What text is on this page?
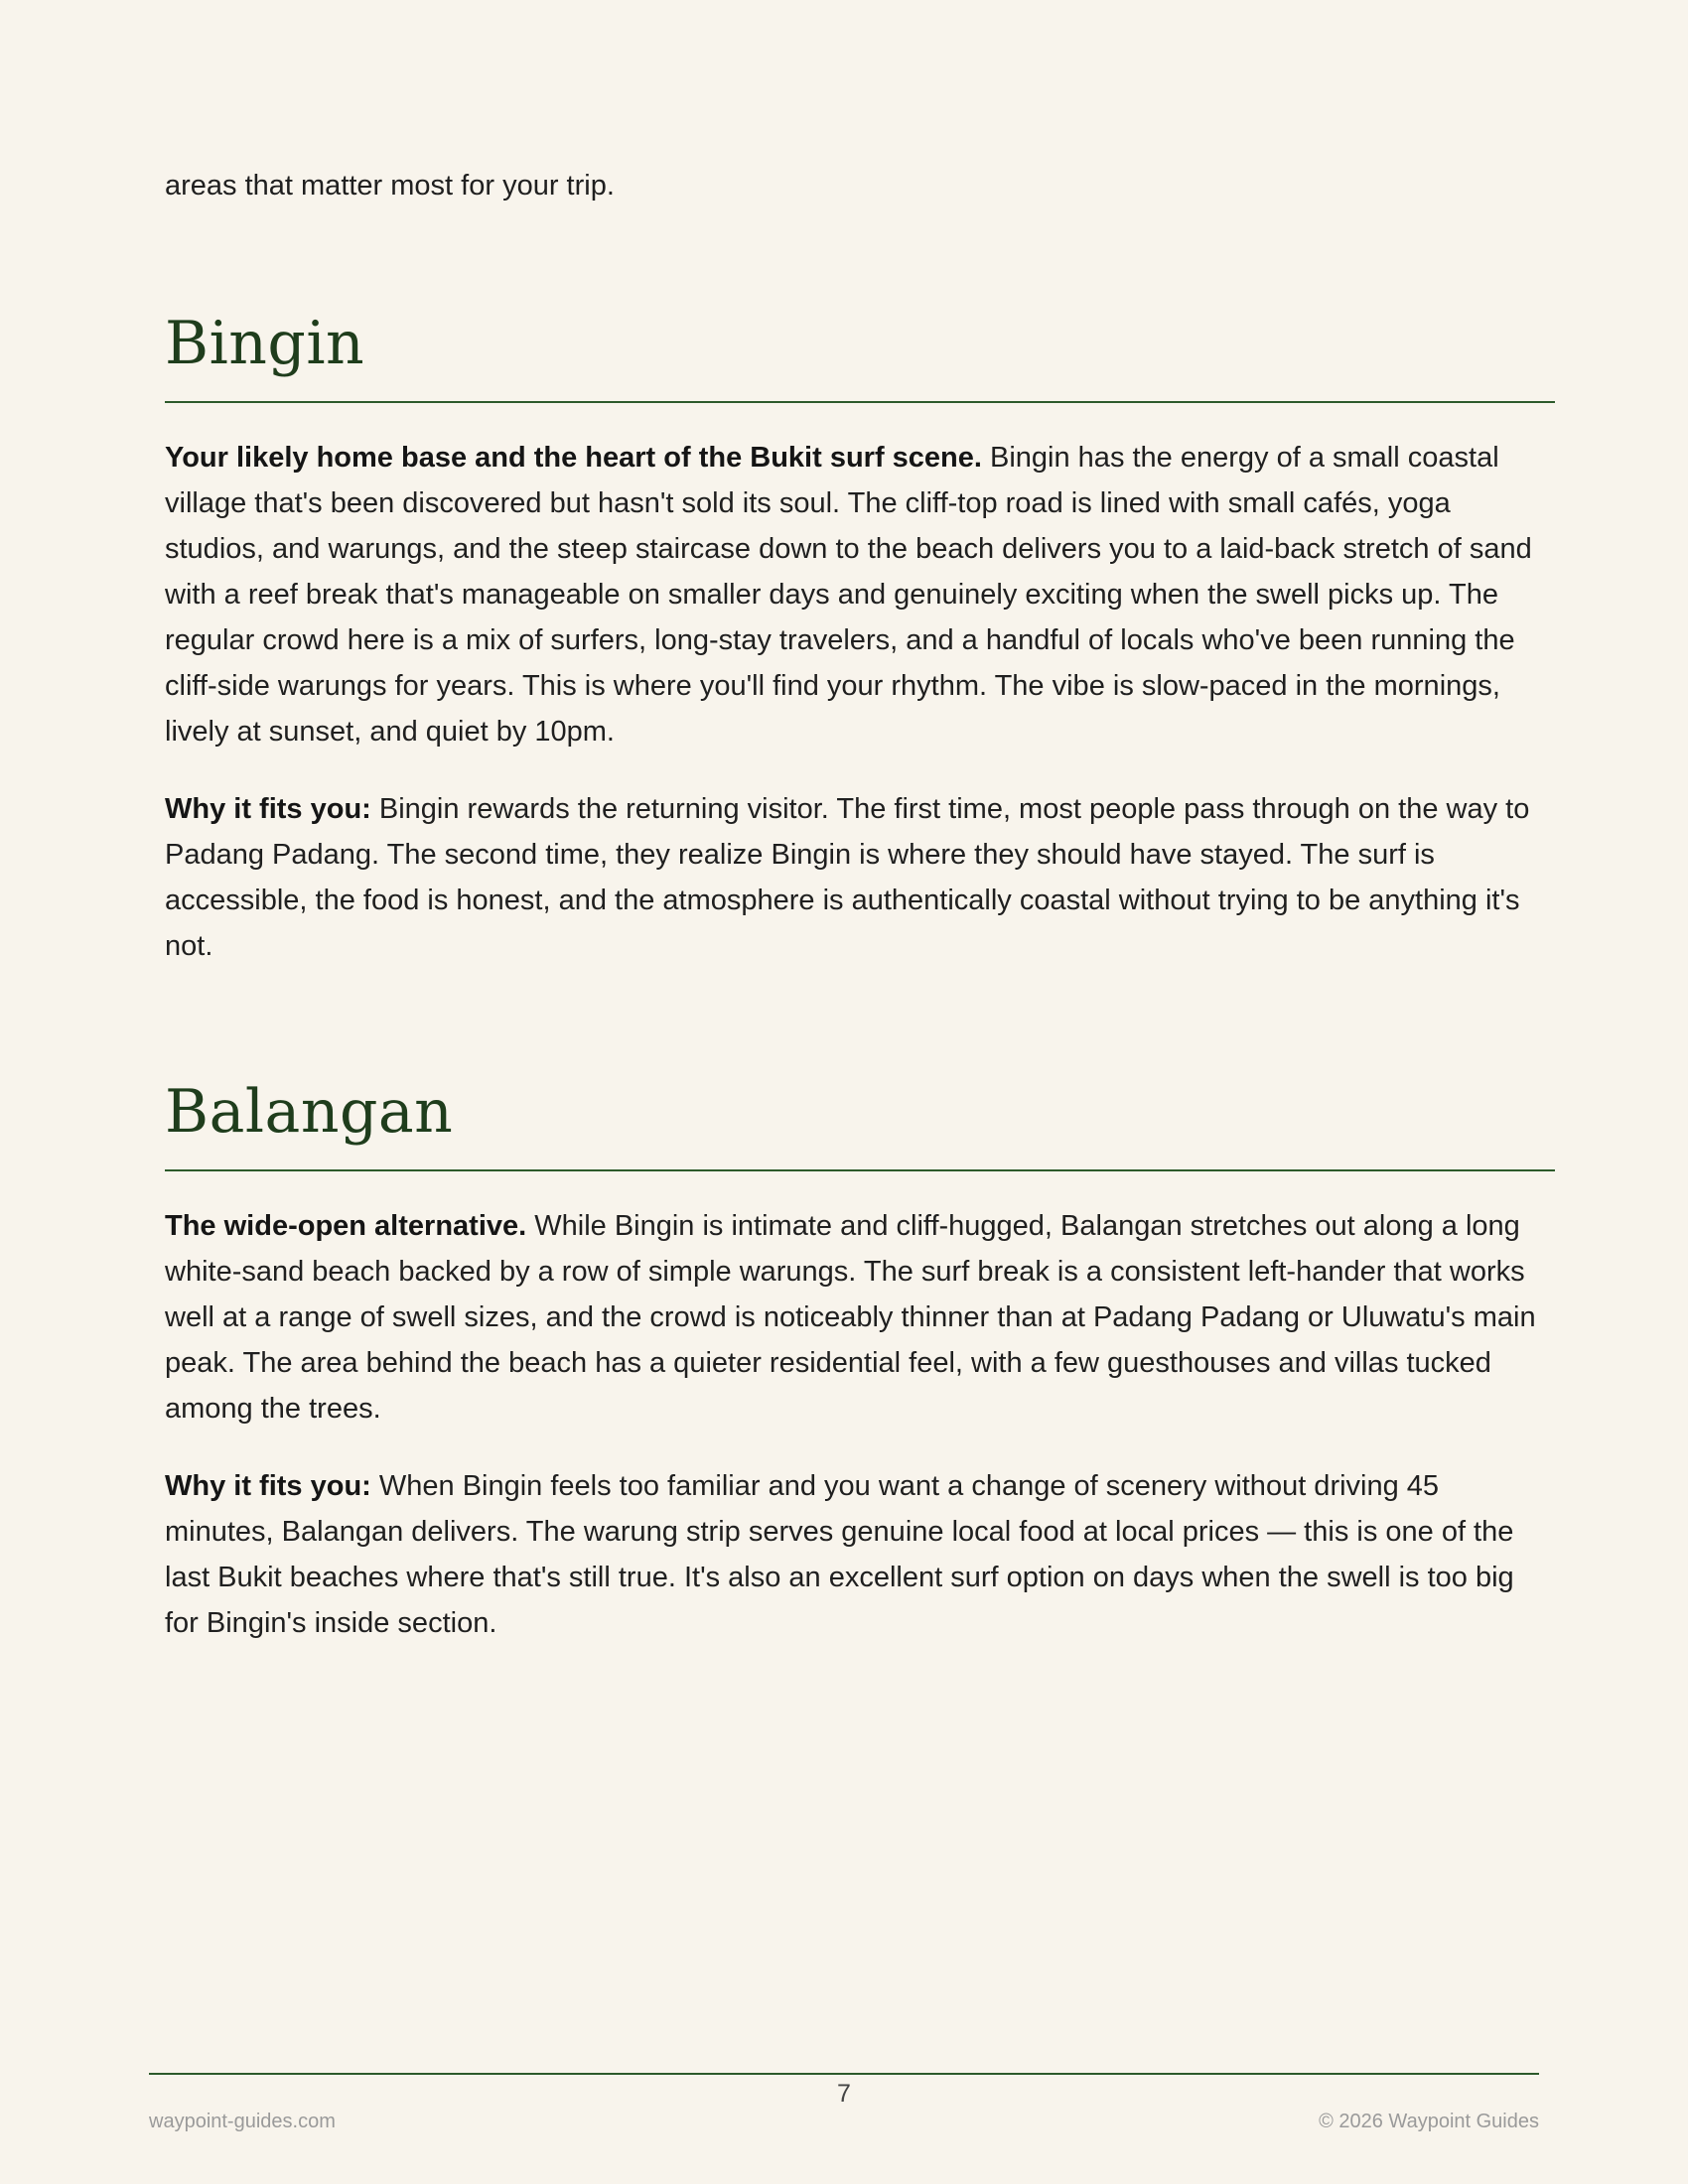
areas that matter most for your trip.

Bingin

Your likely home base and the heart of the Bukit surf scene. Bingin has the energy of a small coastal village that's been discovered but hasn't sold its soul. The cliff-top road is lined with small cafés, yoga studios, and warungs, and the steep staircase down to the beach delivers you to a laid-back stretch of sand with a reef break that's manageable on smaller days and genuinely exciting when the swell picks up. The regular crowd here is a mix of surfers, long-stay travelers, and a handful of locals who've been running the cliff-side warungs for years. This is where you'll find your rhythm. The vibe is slow-paced in the mornings, lively at sunset, and quiet by 10pm.

Why it fits you: Bingin rewards the returning visitor. The first time, most people pass through on the way to Padang Padang. The second time, they realize Bingin is where they should have stayed. The surf is accessible, the food is honest, and the atmosphere is authentically coastal without trying to be anything it's not.

Balangan

The wide-open alternative. While Bingin is intimate and cliff-hugged, Balangan stretches out along a long white-sand beach backed by a row of simple warungs. The surf break is a consistent left-hander that works well at a range of swell sizes, and the crowd is noticeably thinner than at Padang Padang or Uluwatu's main peak. The area behind the beach has a quieter residential feel, with a few guesthouses and villas tucked among the trees.

Why it fits you: When Bingin feels too familiar and you want a change of scenery without driving 45 minutes, Balangan delivers. The warung strip serves genuine local food at local prices — this is one of the last Bukit beaches where that's still true. It's also an excellent surf option on days when the swell is too big for Bingin's inside section.

7
waypoint-guides.com	© 2026 Waypoint Guides
